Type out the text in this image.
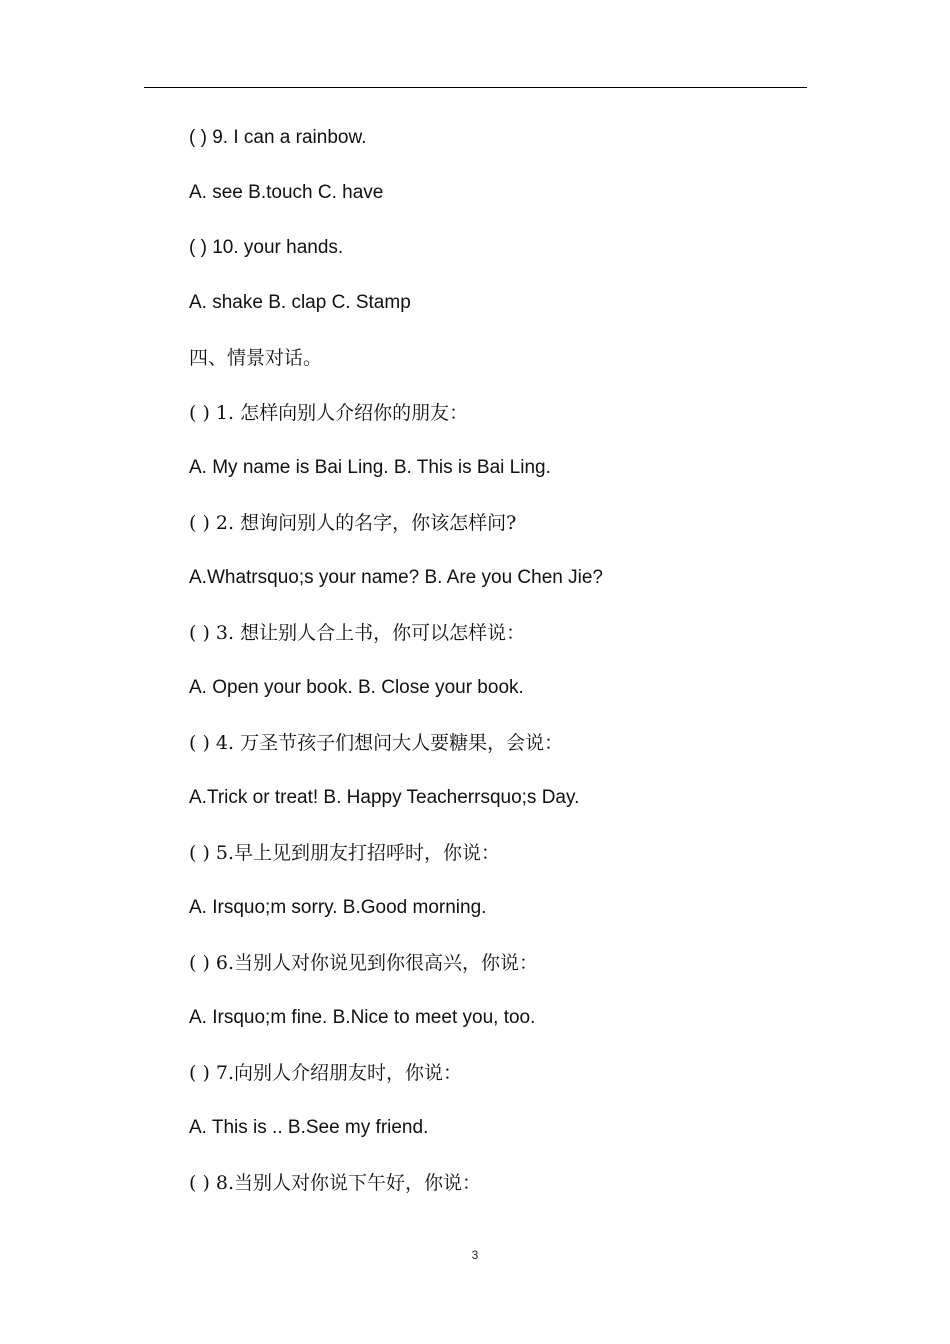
( ) 9. I can a rainbow.
A. see B.touch C. have
( ) 10. your hands.
A. shake B. clap C. Stamp
四、情景对话。
( ) 1. 怎样向别人介绍你的朋友：
A. My name is Bai Ling. B. This is Bai Ling.
( ) 2. 想询问别人的名字，你该怎样问?
A.Whatrsquo;s your name? B. Are you Chen Jie?
( ) 3. 想让别人合上书，你可以怎样说：
A. Open your book. B. Close your book.
( ) 4. 万圣节孩子们想问大人要糖果，会说：
A.Trick or treat! B. Happy Teacherrsquo;s Day.
( ) 5.早上见到朋友打招呼时，你说：
A. Irsquo;m sorry. B.Good morning.
( ) 6.当别人对你说见到你很高兴，你说：
A. Irsquo;m fine. B.Nice to meet you, too.
( ) 7.向别人介绍朋友时，你说：
A. This is .. B.See my friend.
( ) 8.当别人对你说下午好，你说：
3
